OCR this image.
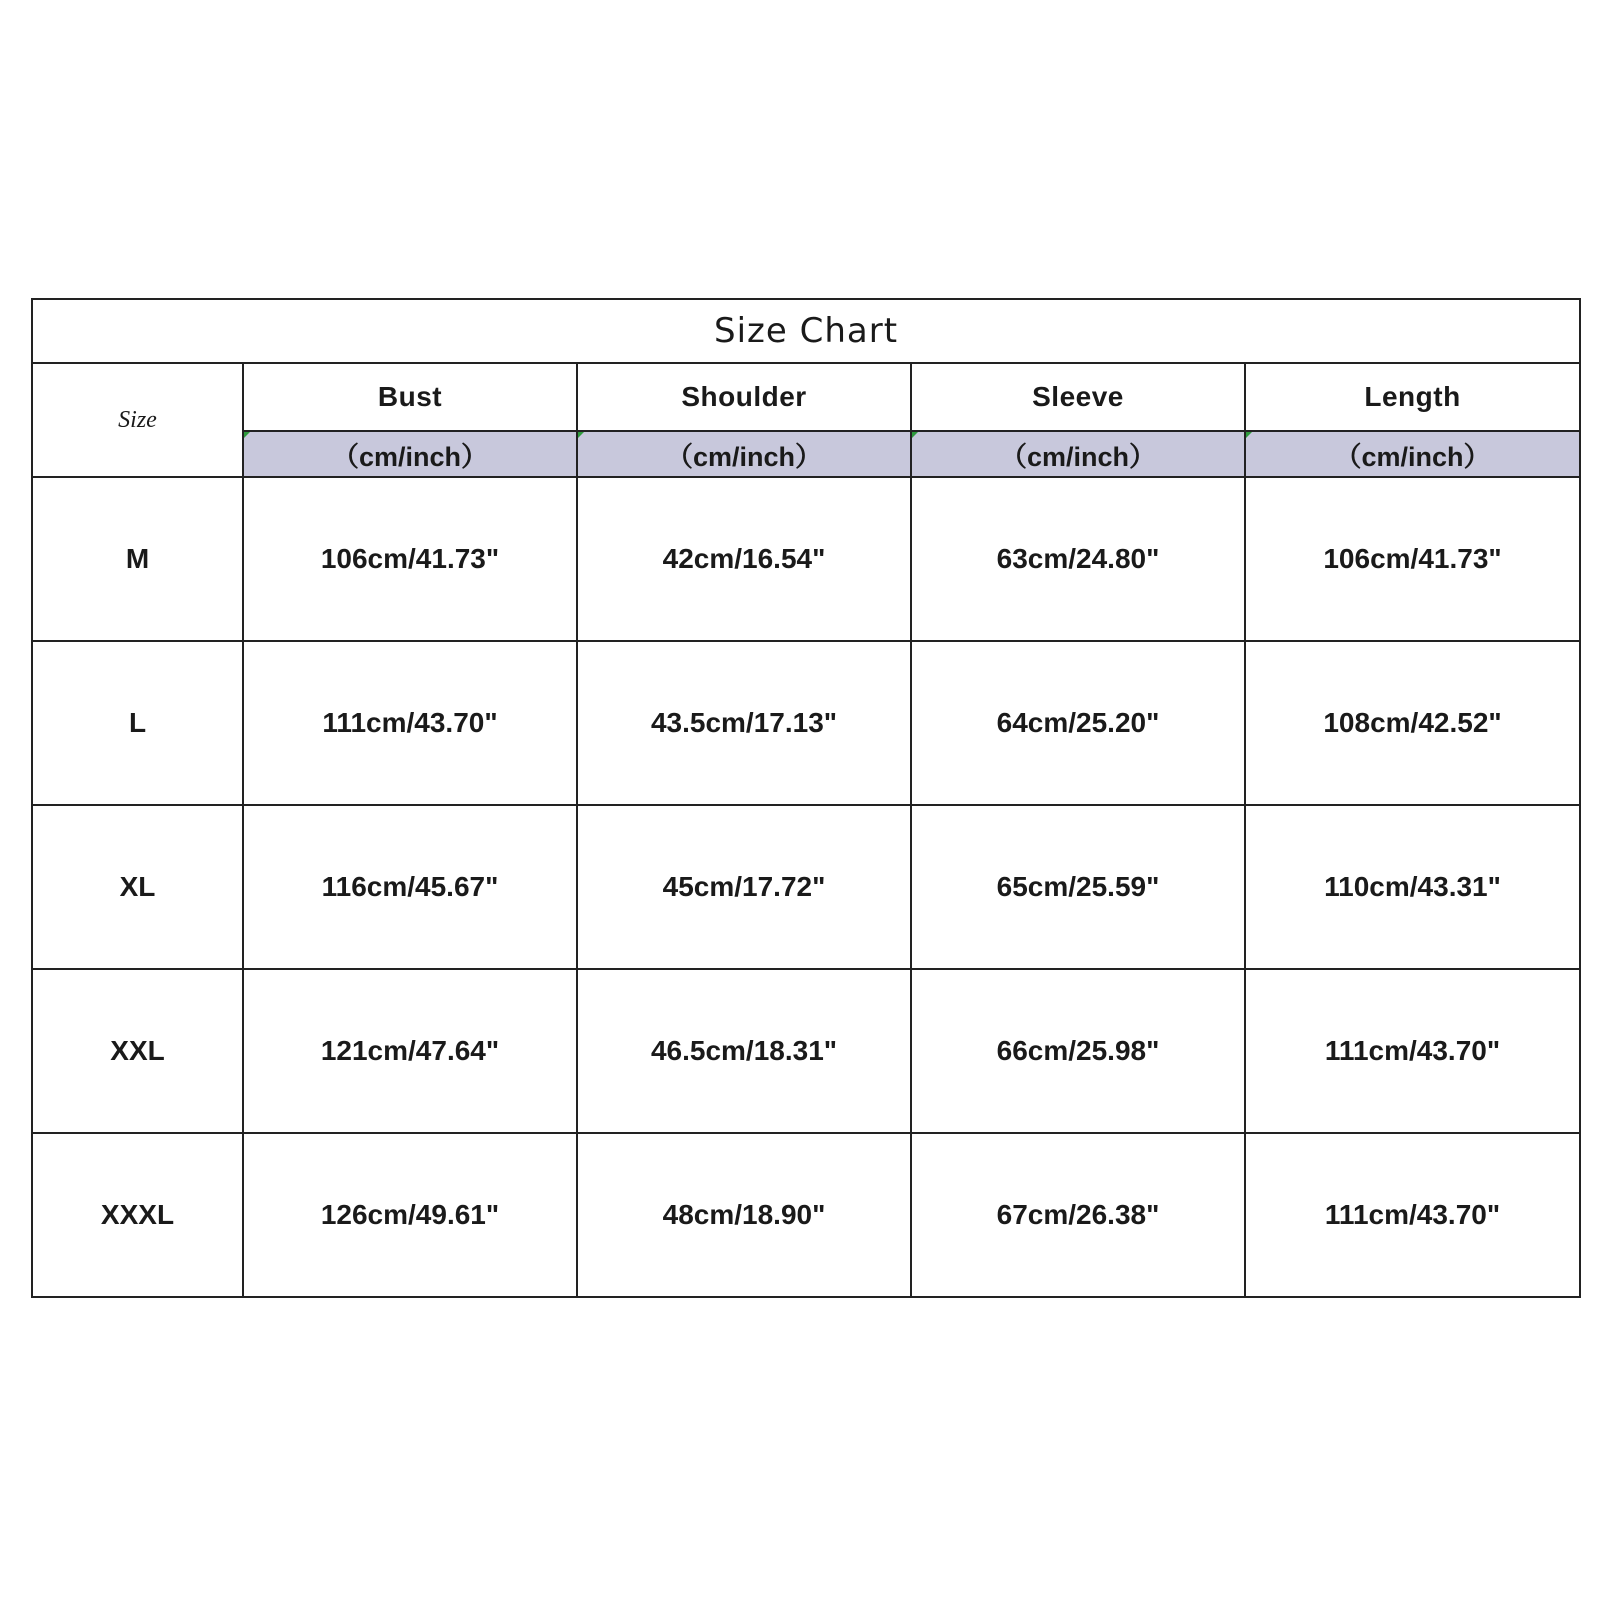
Size Chart				
Size	Bust	Shoulder	Sleeve	Length

（cm/inch）	（cm/inch）	（cm/inch）	（cm/inch）
M	106cm/41.73"	42cm/16.54"	63cm/24.80"	106cm/41.73"
L	111cm/43.70"	43.5cm/17.13"	64cm/25.20"	108cm/42.52"
XL	116cm/45.67"	45cm/17.72"	65cm/25.59"	110cm/43.31"
XXL	121cm/47.64"	46.5cm/18.31"	66cm/25.98"	111cm/43.70"
XXXL	126cm/49.61"	48cm/18.90"	67cm/26.38"	111cm/43.70"
